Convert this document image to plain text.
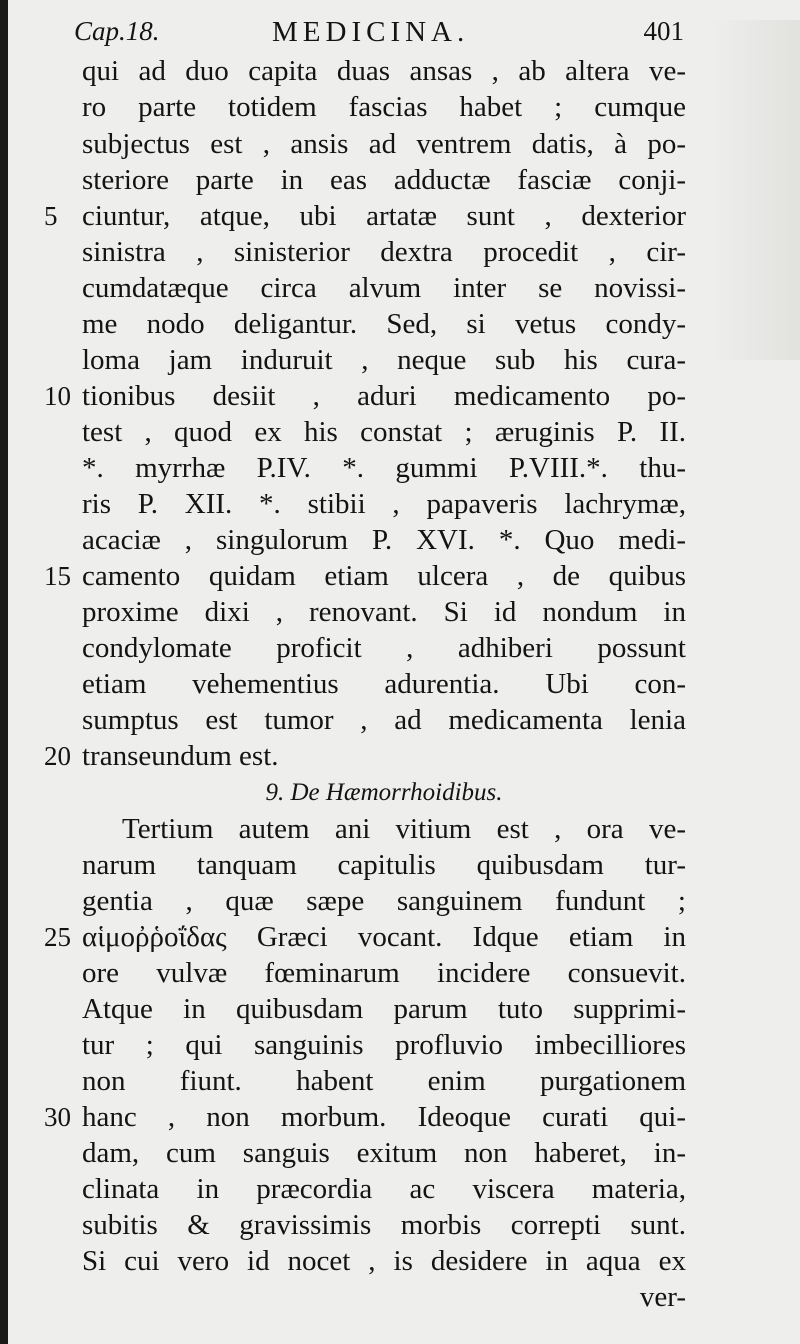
Cap.18.	MEDICINA.	401
qui ad duo capita duas ansas , ab altera ve-
ro parte totidem fascias habet ; cumque
subjectus est , ansis ad ventrem datis, à po-
steriore parte in eas adductæ fasciæ conji-
5 ciuntur, atque, ubi artatæ sunt , dexterior
sinistra , sinisterior dextra procedit , cir-
cumdatæque circa alvum inter se novissi-
me nodo deligantur. Sed, si vetus condy-
loma jam induruit , neque sub his cura-
10 tionibus desiit , aduri medicamento po-
test , quod ex his constat ; æruginis P. II.
*. myrrhæ P.IV. *. gummi P.VIII.*. thu-
ris P. XII. *. stibii , papaveris lachrymæ,
acaciæ , singulorum P. XVI. *. Quo medi-
15 camento quidam etiam ulcera , de quibus
proxime dixi , renovant. Si id nondum in
condylomate proficit , adhiberi possunt
etiam vehementius adurentia. Ubi con-
sumptus est tumor , ad medicamenta lenia
20 transeundum est.
9. De Hæmorrhoidibus.
Tertium autem ani vitium est , ora ve-
narum tanquam capitulis quibusdam tur-
gentia , quæ sæpe sanguinem fundunt ;
25 αἱμοῤῥοΐδας Græci vocant. Idque etiam in
ore vulvæ fœminarum incidere consuevit.
Atque in quibusdam parum tuto supprimi-
tur ; qui sanguinis profluvio imbecilliores
non fiunt. habent enim purgationem
30 hanc , non morbum. Ideoque curati qui-
dam, cum sanguis exitum non haberet, in-
clinata in præcordia ac viscera materia,
subitis & gravissimis morbis correpti sunt.
Si cui vero id nocet , is desidere in aqua ex
ver-
